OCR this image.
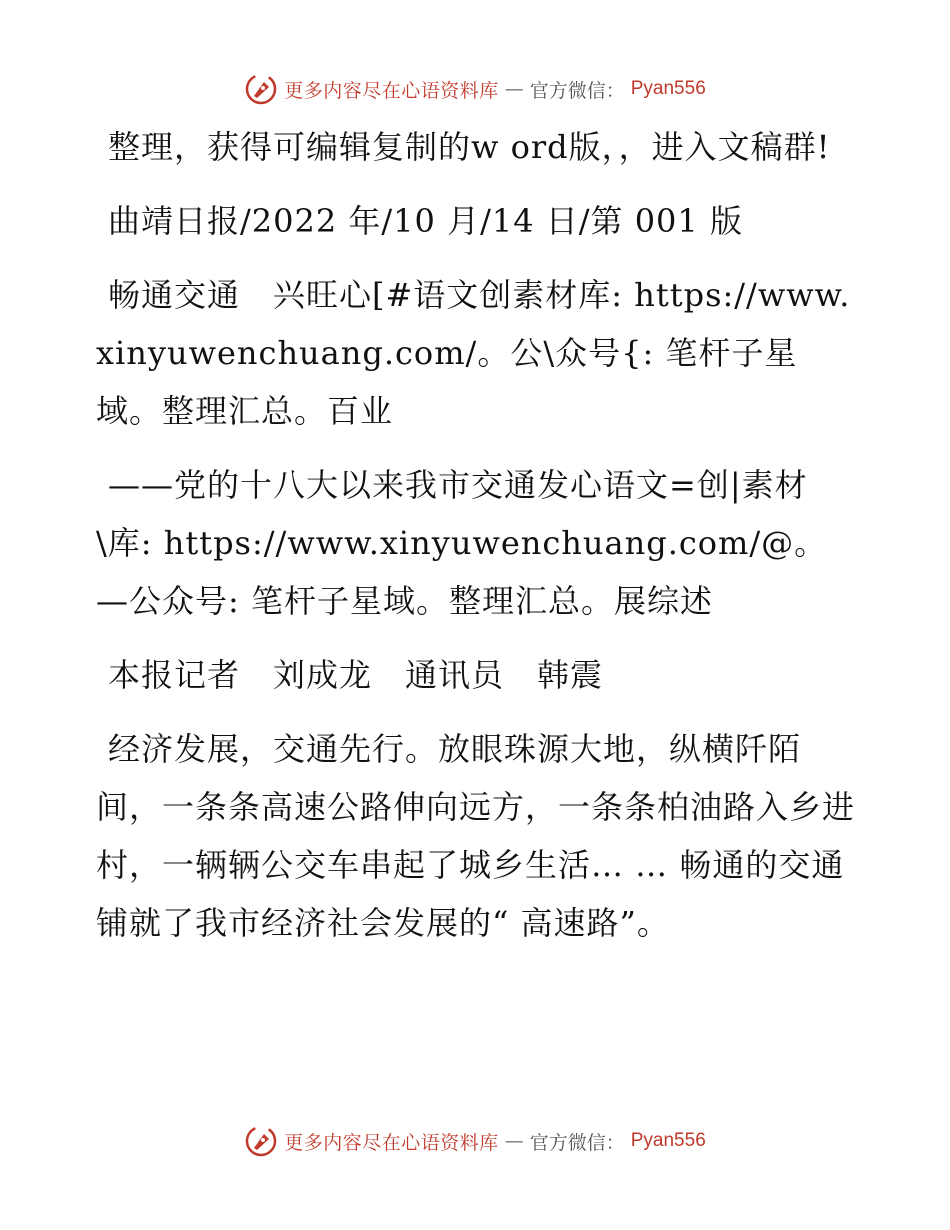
更多内容尽在心语资料库 — 官方微信： Pyan556

整理，获得可编辑复制的w ord版，，进入文稿群!

曲靖日报/2022 年/10 月/14 日/第 001 版

畅通交通　兴旺心[#语文创素材库: https://www.xinyuwenchuang.com/。公\众号{: 笔杆子星域。整理汇总。百业

——党的十八大以来我市交通发心语文=创|素材\库: https://www.xinyuwenchuang.com/@。—公众号: 笔杆子星域。整理汇总。展综述

本报记者　刘成龙　通讯员　韩震

经济发展，交通先行。放眼珠源大地，纵横阡陌间，一条条高速公路伸向远方，一条条柏油路入乡进村，一辆辆公交车串起了城乡生活… … 畅通的交通铺就了我市经济社会发展的“ 高速路”。

更多内容尽在心语资料库 — 官方微信： Pyan556
